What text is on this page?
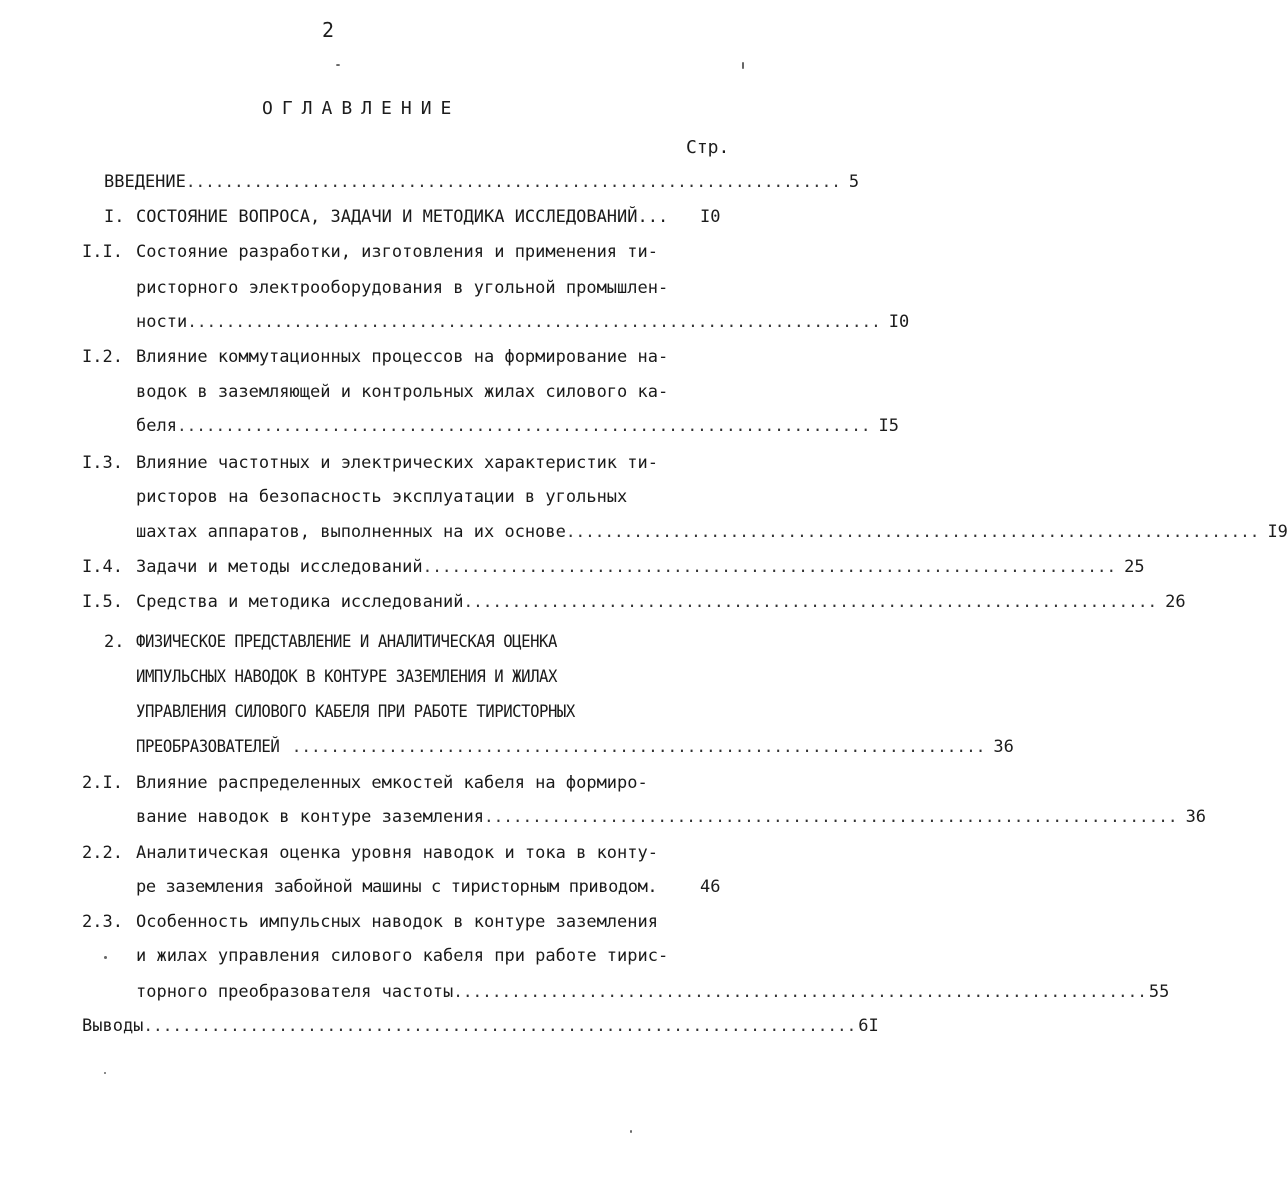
2
ОГЛАВЛЕНИЕ
Стр.
ВВЕДЕНИЕ .................................................................... 5
I. СОСТОЯНИЕ ВОПРОСА, ЗАДАЧИ И МЕТОДИКА ИССЛЕДОВАНИЙ... I0
I.I. Состояние разработки, изготовления и применения ти-
ристорного электрооборудования в угольной промышлен-
ности ........................................................................ I0
I.2. Влияние коммутационных процессов на формирование на-
водок в заземляющей и контрольных жилах силового ка-
беля ........................................................................ I5
I.3. Влияние частотных и электрических характеристик ти-
ристоров на безопасность эксплуатации в угольных
шахтах аппаратов, выполненных на их основе ........................................................................ I9
I.4. Задачи и методы исследований ........................................................................ 25
I.5. Средства и методика исследований ........................................................................ 26
2. ФИЗИЧЕСКОЕ ПРЕДСТАВЛЕНИЕ И АНАЛИТИЧЕСКАЯ ОЦЕНКА
ИМПУЛЬСНЫХ НАВОДОК В КОНТУРЕ ЗАЗЕМЛЕНИЯ И ЖИЛАХ
УПРАВЛЕНИЯ СИЛОВОГО КАБЕЛЯ ПРИ РАБОТЕ ТИРИСТОРНЫХ
ПРЕОБРАЗОВАТЕЛЕЙ ........................................................................ 36
2.I. Влияние распределенных емкостей кабеля на формиро-
вание наводок в контуре заземления ........................................................................ 36
2.2. Аналитическая оценка уровня наводок и тока в конту-
ре заземления забойной машины с тиристорным приводом.	46
2.3. Особенность импульсных наводок в контуре заземления
и жилах управления силового кабеля при работе тирис-
торного преобразователя частоты ........................................................................ 55
Выводы .......................................................................... 6I
